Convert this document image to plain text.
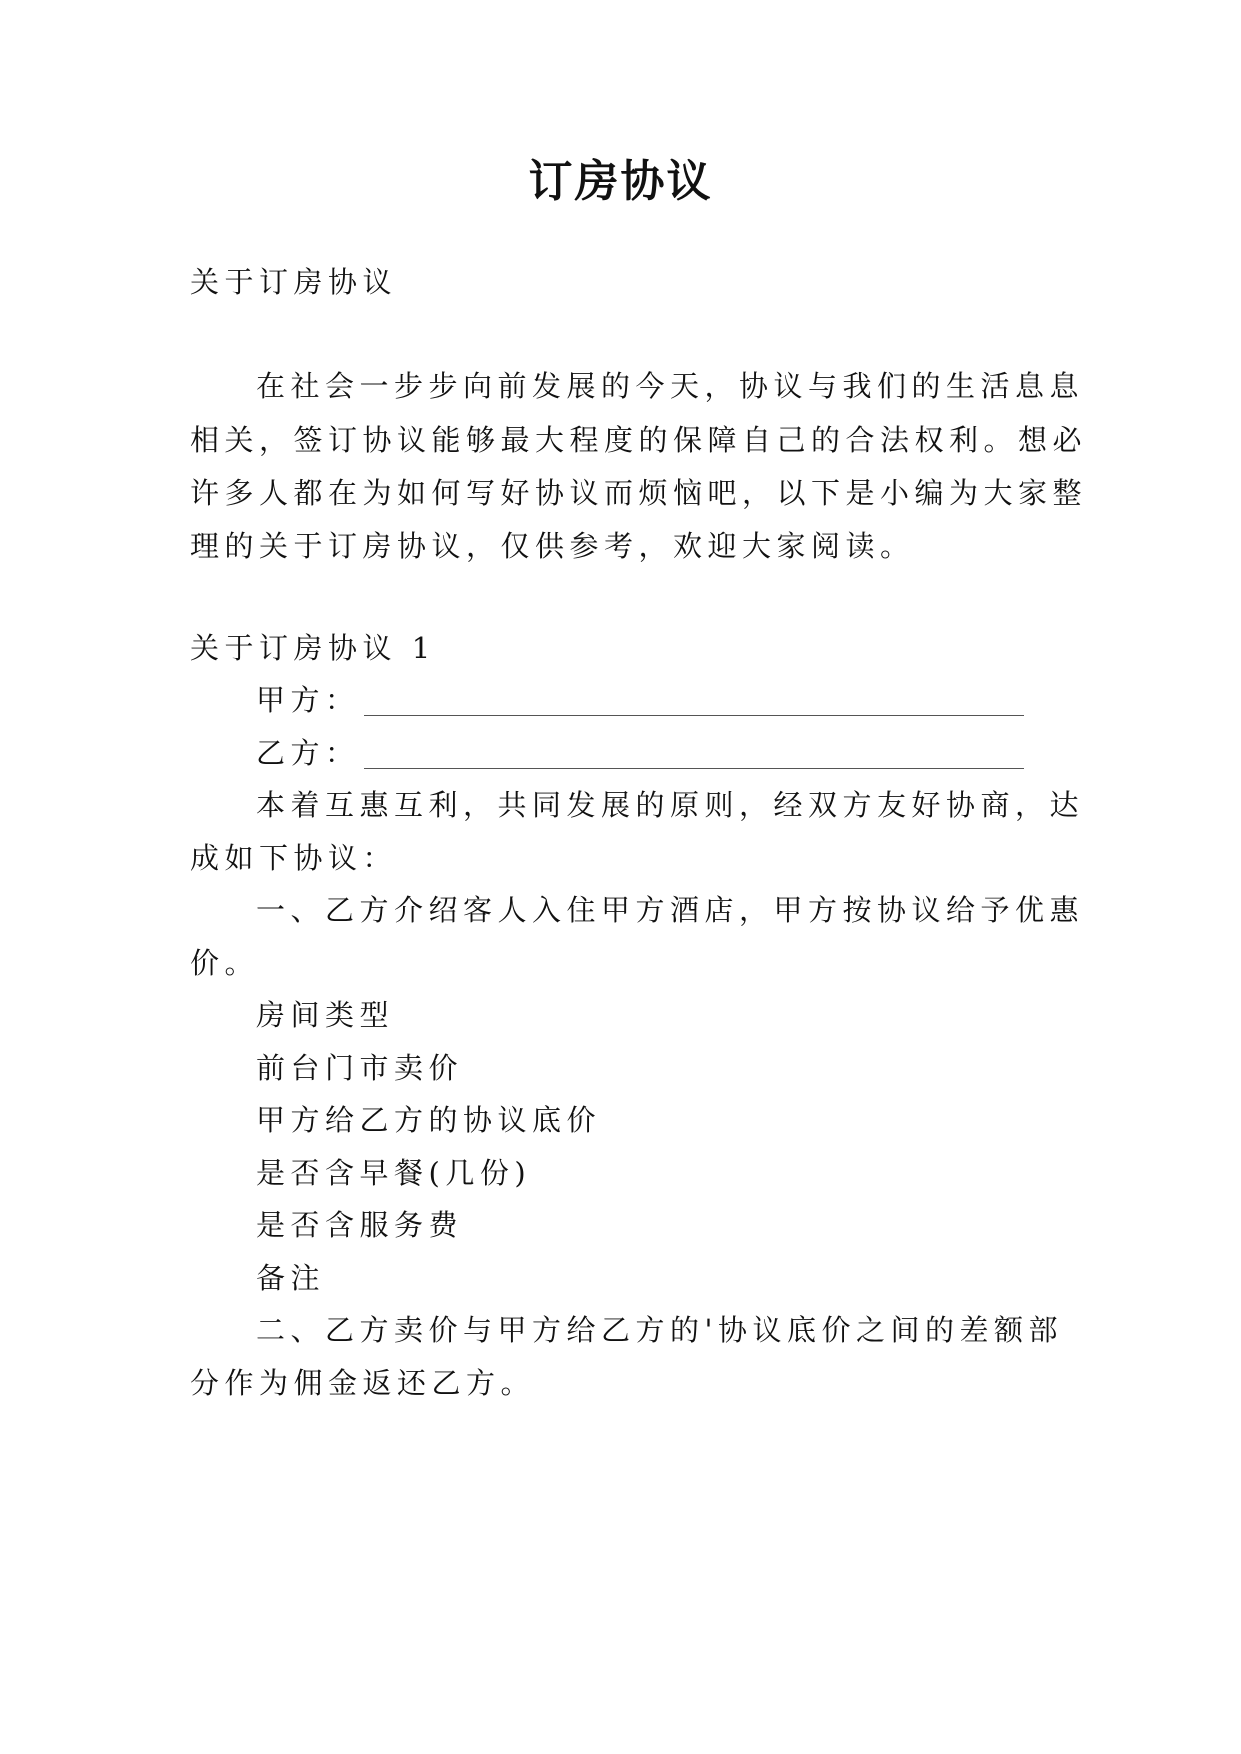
订房协议
关于订房协议
在社会一步步向前发展的今天，协议与我们的生活息息
相关，签订协议能够最大程度的保障自己的合法权利。想必
许多人都在为如何写好协议而烦恼吧，以下是小编为大家整
理的关于订房协议，仅供参考，欢迎大家阅读。
关于订房协议 1
甲方：
乙方：
本着互惠互利，共同发展的原则，经双方友好协商，达
成如下协议：
一、乙方介绍客人入住甲方酒店，甲方按协议给予优惠
价。
房间类型
前台门市卖价
甲方给乙方的协议底价
是否含早餐(几份)
是否含服务费
备注
二、乙方卖价与甲方给乙方的'协议底价之间的差额部
分作为佣金返还乙方。
